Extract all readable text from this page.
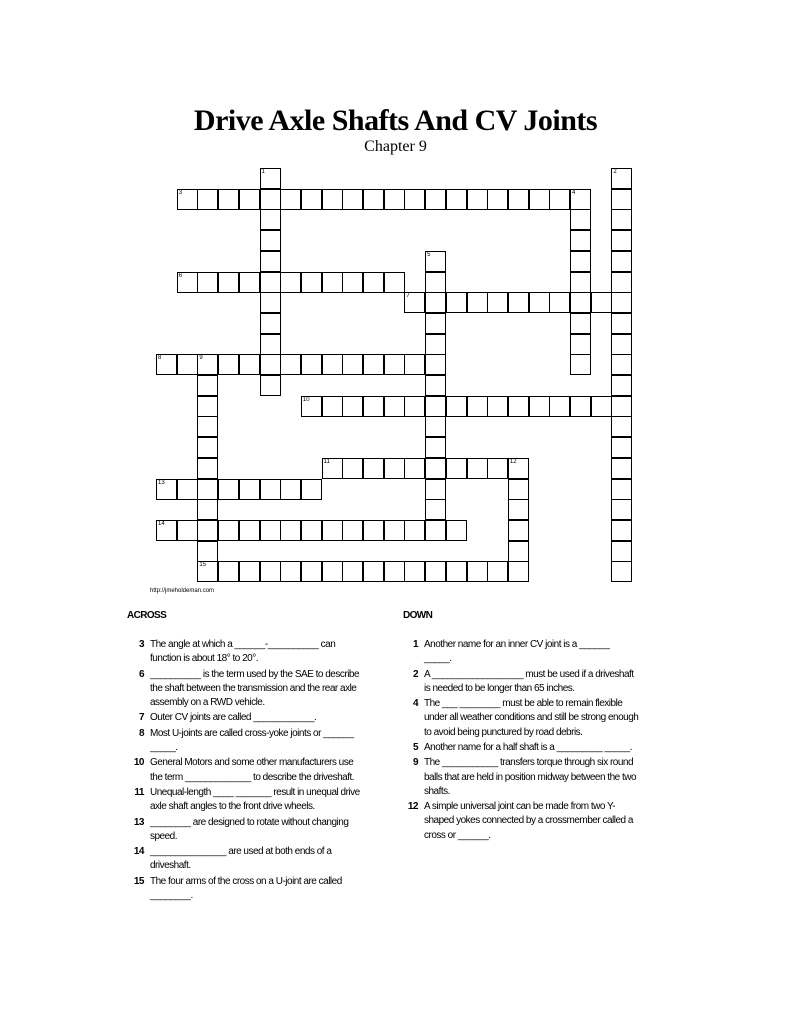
Drive Axle Shafts And CV Joints
Chapter 9
1	2
3	4
5
6
7
8	9
15
10
11	12
13
14
http://jmeholdeman.com
ACROSS	DOWN
3 The angle at which a ______-__________ can function is about 18° to 20°.
6 __________ is the term used by the SAE to describe the shaft between the transmission and the rear axle assembly on a RWD vehicle.
7 Outer CV joints are called ____________.
8 Most U-joints are called cross-yoke joints or ______ _____.
10 General Motors and some other manufacturers use the term _____________ to describe the driveshaft.
11 Unequal-length ____ _______ result in unequal drive axle shaft angles to the front drive wheels.
13 ________ are designed to rotate without changing speed.
14 _______________ are used at both ends of a driveshaft.
15 The four arms of the cross on a U-joint are called ________.
1 Another name for an inner CV joint is a ______ _____.
2 A __________________ must be used if a driveshaft is needed to be longer than 65 inches.
4 The ___ ________ must be able to remain flexible under all weather conditions and still be strong enough to avoid being punctured by road debris.
5 Another name for a half shaft is a _________ _____.
9 The ___________ transfers torque through six round balls that are held in position midway between the two shafts.
12 A simple universal joint can be made from two Y-shaped yokes connected by a crossmember called a cross or ______.
